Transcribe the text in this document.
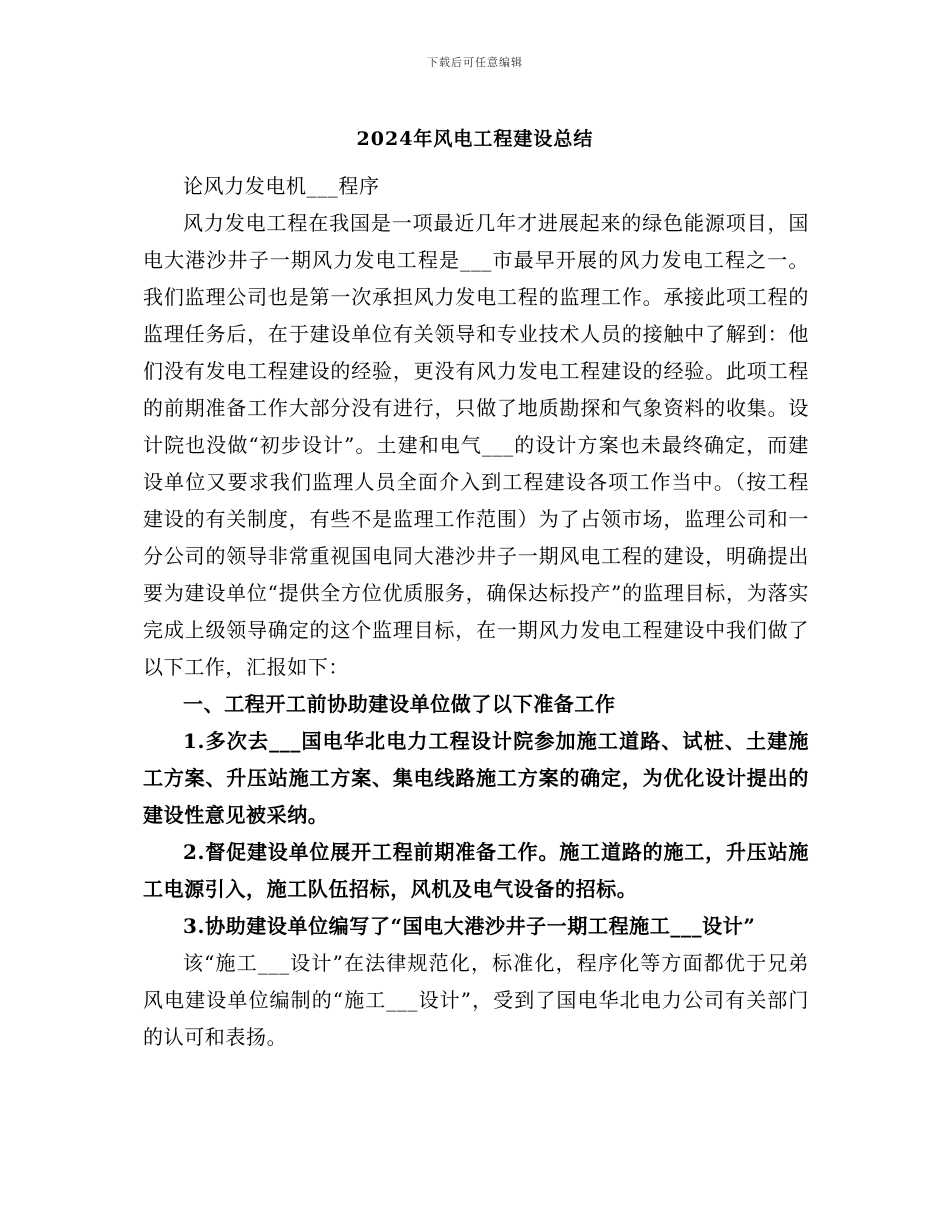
下载后可任意编辑
2024年风电工程建设总结

论风力发电机___程序

风力发电工程在我国是一项最近几年才进展起来的绿色能源项目，国电大港沙井子一期风力发电工程是___市最早开展的风力发电工程之一。我们监理公司也是第一次承担风力发电工程的监理工作。承接此项工程的监理任务后，在于建设单位有关领导和专业技术人员的接触中了解到：他们没有发电工程建设的经验，更没有风力发电工程建设的经验。此项工程的前期准备工作大部分没有进行，只做了地质勘探和气象资料的收集。设计院也没做“初步设计”。土建和电气___的设计方案也未最终确定，而建设单位又要求我们监理人员全面介入到工程建设各项工作当中。（按工程建设的有关制度，有些不是监理工作范围）为了占领市场，监理公司和一分公司的领导非常重视国电同大港沙井子一期风电工程的建设，明确提出要为建设单位“提供全方位优质服务，确保达标投产”的监理目标，为落实完成上级领导确定的这个监理目标，在一期风力发电工程建设中我们做了以下工作，汇报如下：

一、工程开工前协助建设单位做了以下准备工作

1.多次去___国电华北电力工程设计院参加施工道路、试桩、土建施工方案、升压站施工方案、集电线路施工方案的确定，为优化设计提出的建设性意见被采纳。

2.督促建设单位展开工程前期准备工作。施工道路的施工，升压站施工电源引入，施工队伍招标，风机及电气设备的招标。

3.协助建设单位编写了“国电大港沙井子一期工程施工___设计”

该“施工___设计”在法律规范化，标准化，程序化等方面都优于兄弟风电建设单位编制的“施工___设计”，受到了国电华北电力公司有关部门的认可和表扬。
